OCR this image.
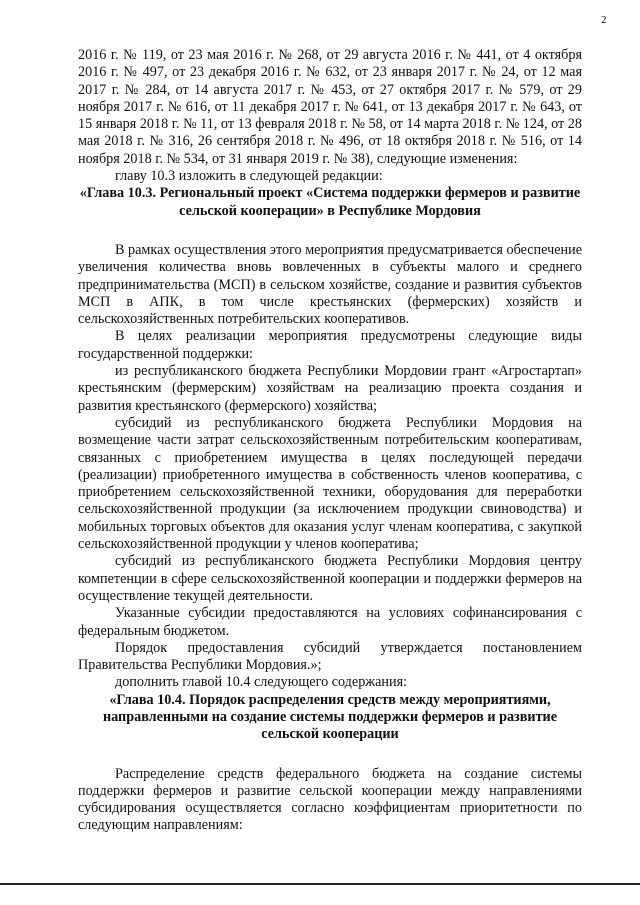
2

2016 г. № 119, от 23 мая 2016 г. № 268, от 29 августа 2016 г. № 441, от 4 октября 2016 г. № 497, от 23 декабря 2016 г. № 632, от 23 января 2017 г. № 24, от 12 мая 2017 г. № 284, от 14 августа 2017 г. № 453, от 27 октября 2017 г. № 579, от 29 ноября 2017 г. № 616, от 11 декабря 2017 г. № 641, от 13 декабря 2017 г. № 643, от 15 января 2018 г. № 11, от 13 февраля 2018 г. № 58, от 14 марта 2018 г. № 124, от 28 мая 2018 г. № 316, 26 сентября 2018 г. № 496, от 18 октября 2018 г. № 516, от 14 ноября 2018 г. № 534, от 31 января 2019 г. № 38), следующие изменения:

главу 10.3 изложить в следующей редакции:

«Глава 10.3. Региональный проект «Система поддержки фермеров и развитие сельской кооперации» в Республике Мордовия

В рамках осуществления этого мероприятия предусматривается обеспечение увеличения количества вновь вовлеченных в субъекты малого и среднего предпринимательства (МСП) в сельском хозяйстве, создание и развития субъектов МСП в АПК, в том числе крестьянских (фермерских) хозяйств и сельскохозяйственных потребительских кооперативов.

В целях реализации мероприятия предусмотрены следующие виды государственной поддержки:

из республиканского бюджета Республики Мордовии грант «Агростартап» крестьянским (фермерским) хозяйствам на реализацию проекта создания и развития крестьянского (фермерского) хозяйства;

субсидий из республиканского бюджета Республики Мордовия на возмещение части затрат сельскохозяйственным потребительским кооперативам, связанных с приобретением имущества в целях последующей передачи (реализации) приобретенного имущества в собственность членов кооператива, с приобретением сельскохозяйственной техники, оборудования для переработки сельскохозяйственной продукции (за исключением продукции свиноводства) и мобильных торговых объектов для оказания услуг членам кооператива, с закупкой сельскохозяйственной продукции у членов кооператива;

субсидий из республиканского бюджета Республики Мордовия центру компетенции в сфере сельскохозяйственной кооперации и поддержки фермеров на осуществление текущей деятельности.

Указанные субсидии предоставляются на условиях софинансирования с федеральным бюджетом.

Порядок предоставления субсидий утверждается постановлением Правительства Республики Мордовия.»;

дополнить главой 10.4 следующего содержания:

«Глава 10.4. Порядок распределения средств между мероприятиями, направленными на создание системы поддержки фермеров и развитие сельской кооперации

Распределение средств федерального бюджета на создание системы поддержки фермеров и развитие сельской кооперации между направлениями субсидирования осуществляется согласно коэффициентам приоритетности по следующим направлениям:
